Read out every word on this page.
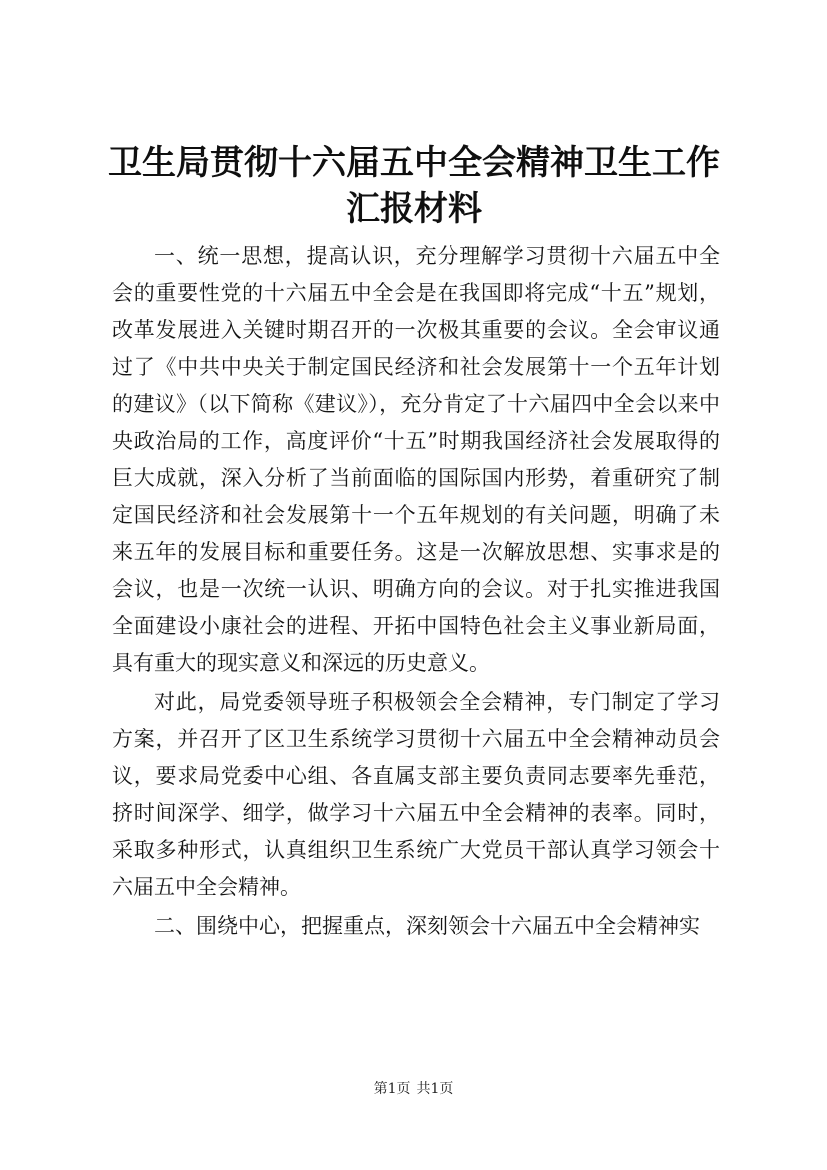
卫生局贯彻十六届五中全会精神卫生工作汇报材料

一、统一思想，提高认识，充分理解学习贯彻十六届五中全会的重要性党的十六届五中全会是在我国即将完成“十五”规划，改革发展进入关键时期召开的一次极其重要的会议。全会审议通过了《中共中央关于制定国民经济和社会发展第十一个五年计划的建议》（以下简称《建议》），充分肯定了十六届四中全会以来中央政治局的工作，高度评价“十五”时期我国经济社会发展取得的巨大成就，深入分析了当前面临的国际国内形势，着重研究了制定国民经济和社会发展第十一个五年规划的有关问题，明确了未来五年的发展目标和重要任务。这是一次解放思想、实事求是的会议，也是一次统一认识、明确方向的会议。对于扎实推进我国全面建设小康社会的进程、开拓中国特色社会主义事业新局面，具有重大的现实意义和深远的历史意义。

对此，局党委领导班子积极领会全会精神，专门制定了学习方案，并召开了区卫生系统学习贯彻十六届五中全会精神动员会议，要求局党委中心组、各直属支部主要负责同志要率先垂范，挤时间深学、细学，做学习十六届五中全会精神的表率。同时，采取多种形式，认真组织卫生系统广大党员干部认真学习领会十六届五中全会精神。

二、围绕中心，把握重点，深刻领会十六届五中全会精神实

第1页 共1页
